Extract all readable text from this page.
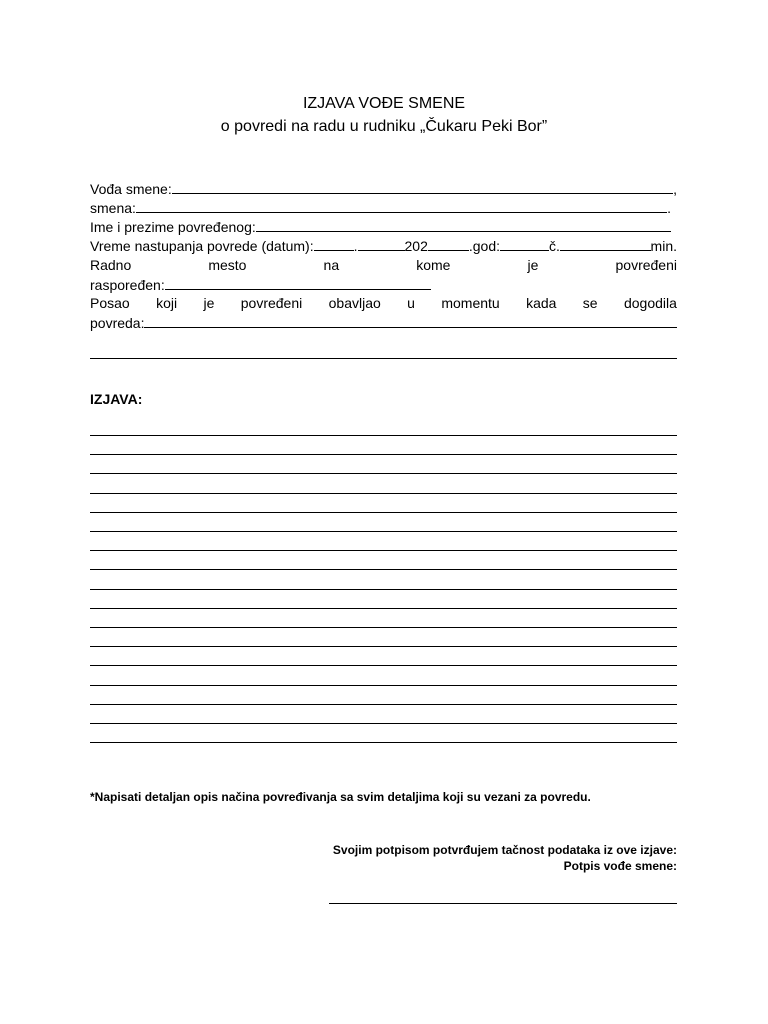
IZJAVA VOĐE SMENE
o povredi na radu u rudniku „Čukaru Peki Bor”
Vođa smene:	,
smena:	.
Ime i prezime povređenog:
Vreme nastupanja povrede (datum):	.	202	.god:	č.	min.
Radno	mesto	na	kome	je	povređeni
raspoređen:
Posao koji je povređeni obavljao u momentu kada se dogodila
povreda:
IZJAVA:
*Napisati detaljan opis načina povređivanja sa svim detaljima koji su vezani za povredu.
Svojim potpisom potvrđujem tačnost podataka iz ove izjave:
Potpis vođe smene:
